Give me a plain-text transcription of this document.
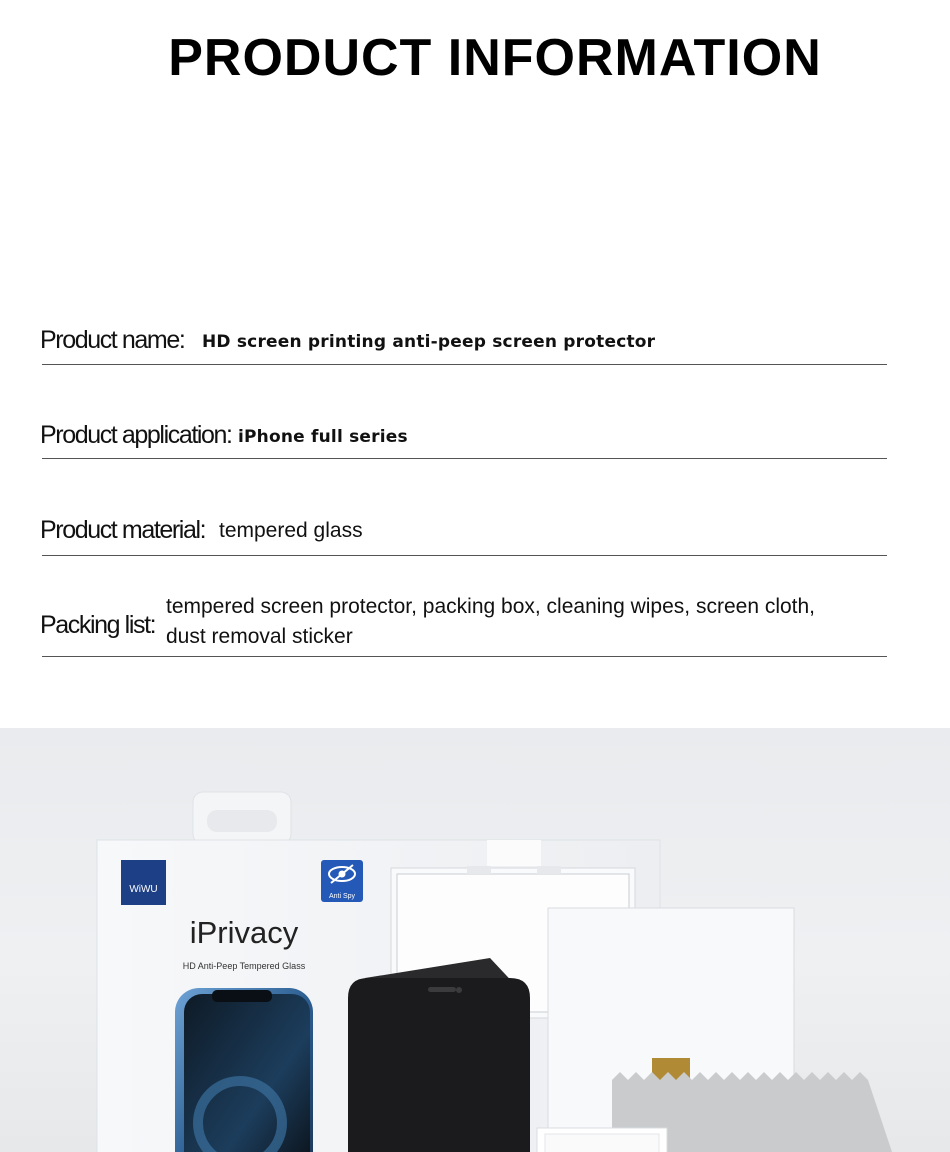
PRODUCT INFORMATION
Product name: HD screen printing anti-peep screen protector
Product application: iPhone full series
Product material: tempered glass
Packing list:
tempered screen protector, packing box, cleaning wipes, screen cloth,
dust removal sticker
WiWU
Anti Spy
iPrivacy
HD Anti-Peep Tempered Glass
